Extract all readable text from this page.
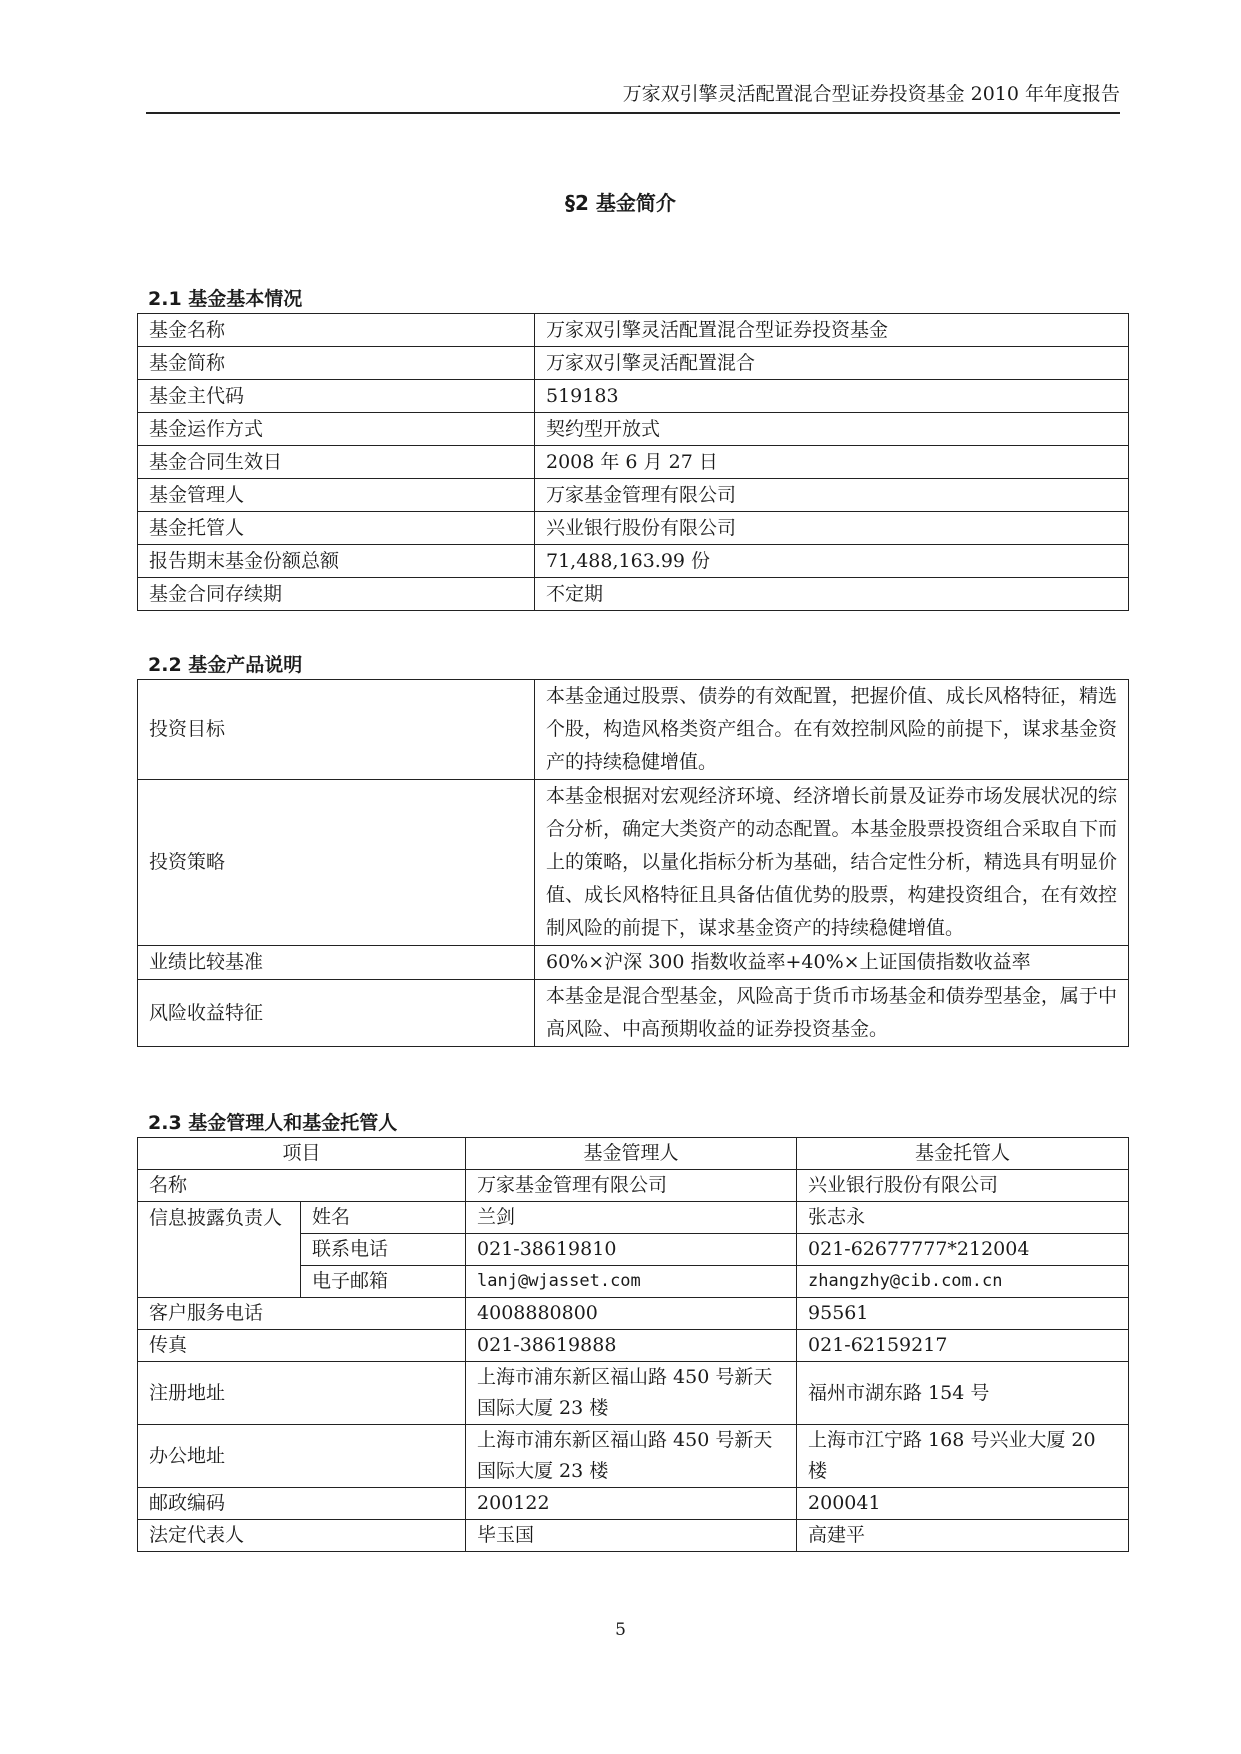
万家双引擎灵活配置混合型证券投资基金 2010 年年度报告
§2 基金简介
2.1 基金基本情况
基金名称	万家双引擎灵活配置混合型证券投资基金
基金简称	万家双引擎灵活配置混合
基金主代码	519183
基金运作方式	契约型开放式
基金合同生效日	2008 年 6 月 27 日
基金管理人	万家基金管理有限公司
基金托管人	兴业银行股份有限公司
报告期末基金份额总额	71,488,163.99 份
基金合同存续期	不定期
2.2 基金产品说明
投资目标	本基金通过股票、债券的有效配置，把握价值、成长风格特征，精选个股，构造风格类资产组合。在有效控制风险的前提下，谋求基金资产的持续稳健增值。
投资策略	本基金根据对宏观经济环境、经济增长前景及证券市场发展状况的综合分析，确定大类资产的动态配置。本基金股票投资组合采取自下而上的策略，以量化指标分析为基础，结合定性分析，精选具有明显价值、成长风格特征且具备估值优势的股票，构建投资组合，在有效控制风险的前提下，谋求基金资产的持续稳健增值。
业绩比较基准	60%×沪深 300 指数收益率+40%×上证国债指数收益率
风险收益特征	本基金是混合型基金，风险高于货币市场基金和债券型基金，属于中高风险、中高预期收益的证券投资基金。
2.3 基金管理人和基金托管人
项目		基金管理人	基金托管人
名称		万家基金管理有限公司	兴业银行股份有限公司
信息披露负责人	姓名	兰剑	张志永
	联系电话	021-38619810	021-62677777*212004
	电子邮箱	lanj@wjasset.com	zhangzhy@cib.com.cn
客户服务电话		4008880800	95561
传真		021-38619888	021-62159217
注册地址		上海市浦东新区福山路 450 号新天国际大厦 23 楼	福州市湖东路 154 号
办公地址		上海市浦东新区福山路 450 号新天国际大厦 23 楼	上海市江宁路 168 号兴业大厦 20 楼
邮政编码		200122	200041
法定代表人		毕玉国	高建平
5
